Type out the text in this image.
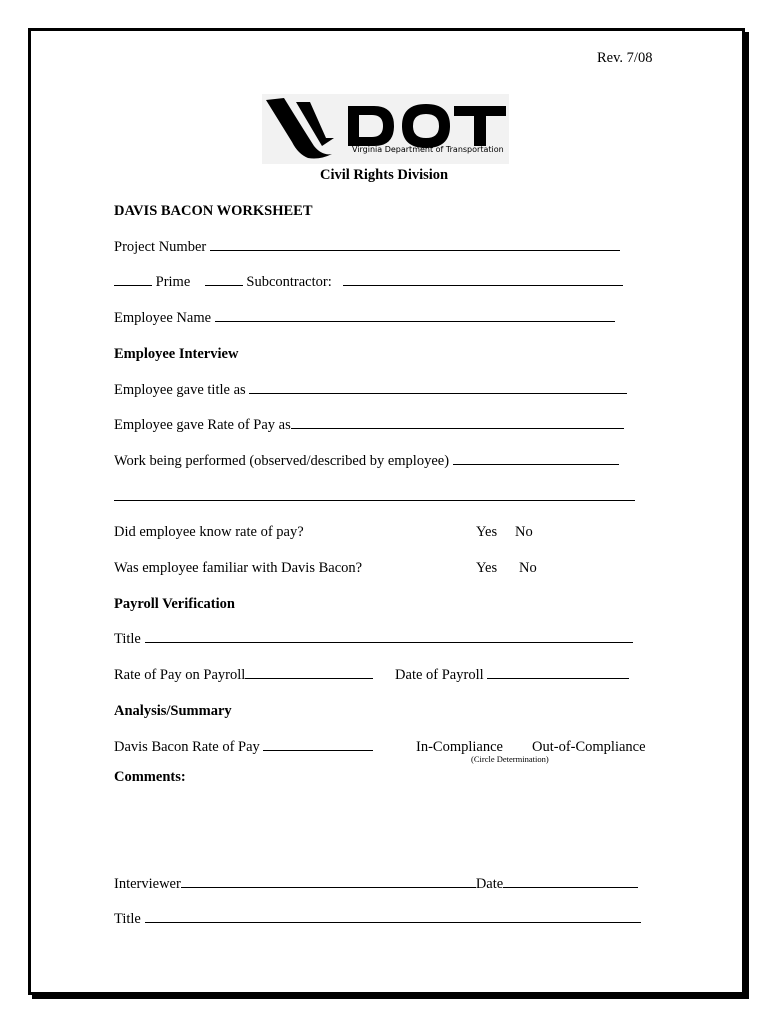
Rev. 7/08
Virginia Department of Transportation
Civil Rights Division
DAVIS BACON WORKSHEET
Project Number
Prime	Subcontractor:
Employee Name
Employee Interview
Employee gave title as
Employee gave Rate of Pay as
Work being performed (observed/described by employee)
Did employee know rate of pay?	Yes No
Was employee familiar with Davis Bacon?	Yes No
Payroll Verification
Title
Rate of Pay on Payroll	Date of Payroll
Analysis/Summary
Davis Bacon Rate of Pay	In-Compliance Out-of-Compliance
(Circle Determination)
Comments:
Interviewer	Date
Title
